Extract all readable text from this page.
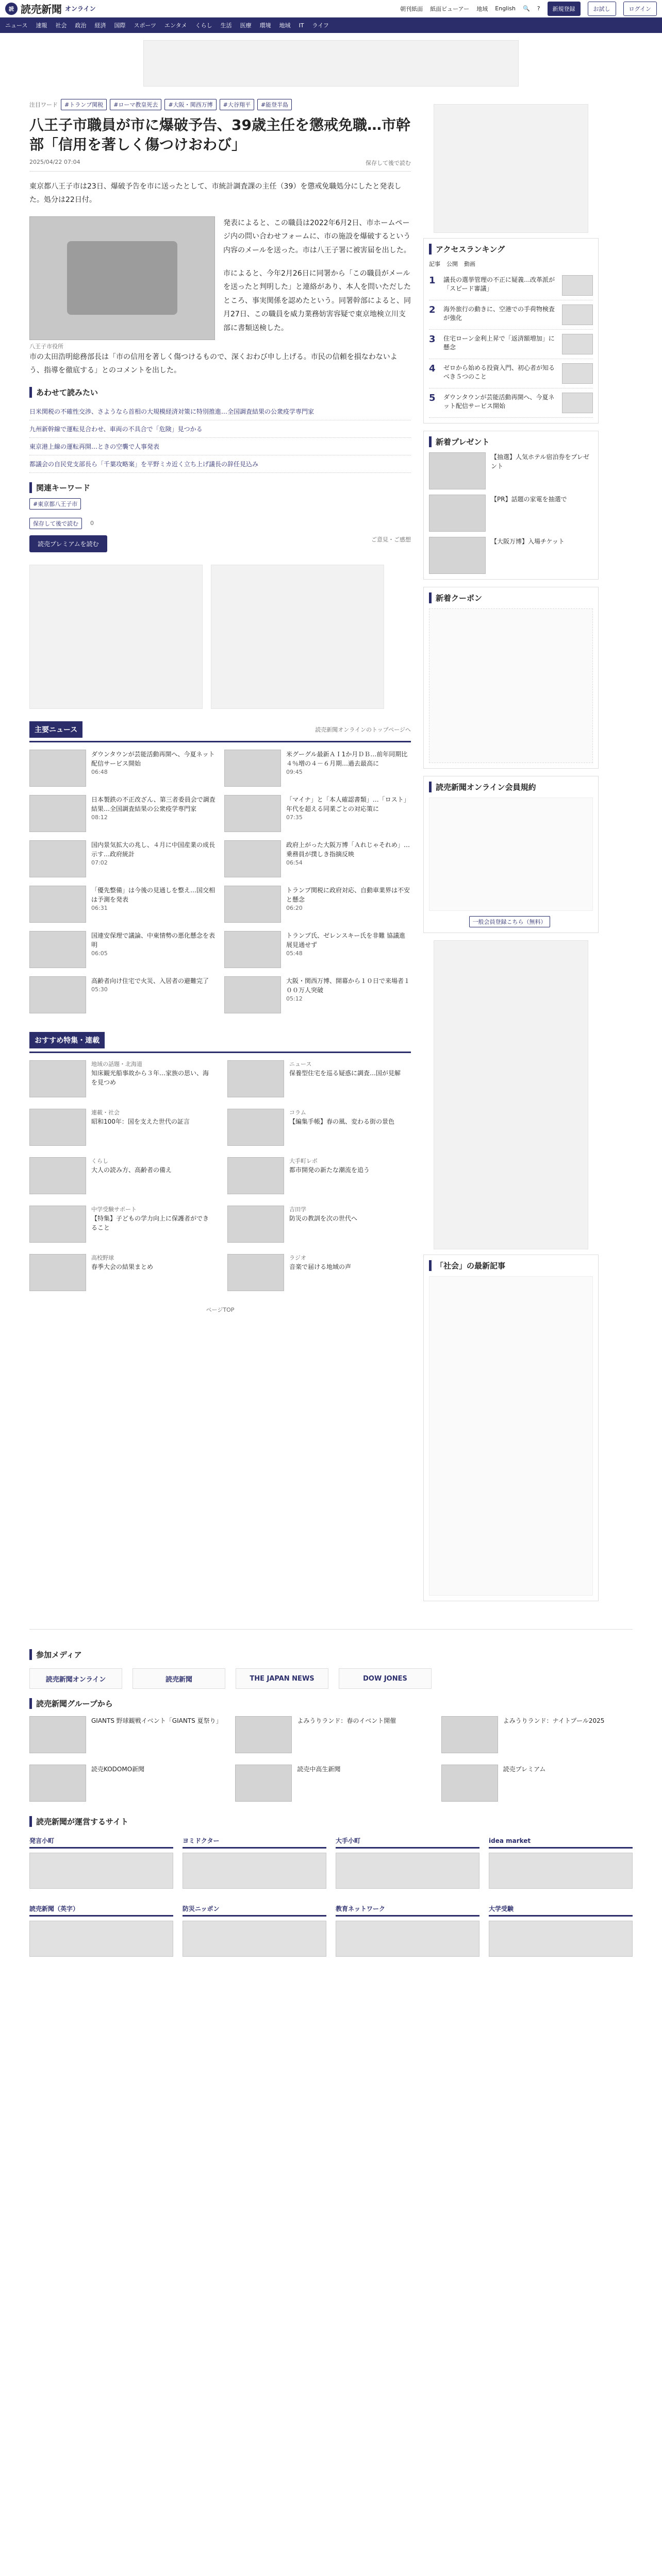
読 読売新聞 オンライン	朝刊紙面 紙面ビューアー 地域 English 🔍 ?	新規登録	お試し	ログイン
ニュース 速報 社会 政治 経済 国際 スポーツ エンタメ くらし 生活 医療 環境 地域 IT ライフ
注目ワード	#トランプ関税	#ローマ教皇死去	#大阪・関西万博	#大谷翔平	#能登半島
八王子市職員が市に爆破予告、39歳主任を懲戒免職…市幹部「信用を著しく傷つけおわび」
2025/04/22 07:04	保存して後で読む

東京都八王子市は23日、爆破予告を市に送ったとして、市統計調査課の主任（39）を懲戒免職処分にしたと発表した。処分は22日付。

八王子市役所

発表によると、この職員は2022年6月2日、市ホームページ内の問い合わせフォームに、市の施設を爆破するという内容のメールを送った。市は八王子署に被害届を出した。

市によると、今年2月26日に同署から「この職員がメールを送ったと判明した」と連絡があり、本人を問いただしたところ、事実関係を認めたという。同署幹部によると、同月27日、この職員を威力業務妨害容疑で東京地検立川支部に書類送検した。

市の太田浩明総務部長は「市の信用を著しく傷つけるもので、深くおわび申し上げる。市民の信頼を損なわないよう、指導を徹底する」とのコメントを出した。

あわせて読みたい
日米関税の不確性交渉、さようなら首相の大規模経済対策に特別推進…全国調査結果の公衆疫学専門家
九州新幹線で運転見合わせ、車両の不具合で「危険」見つかる
東京港上線の運転再開…ときの空襲で人事発表
都議会の自民党支部長ら「千葉攻略案」を平野ミカ近く立ち上げ議長の辞任見込み
関連キーワード
#東京都八王子市
保存して後で読む	0
読売プレミアムを読む
ご意見・ご感想
主要ニュース	読売新聞オンラインのトップページへ
ダウンタウンが芸能活動再開へ、今夏ネット配信サービス開始
06:48
米グーグル最新ＡＩ1か月ＤＢ…前年同期比４％増の４－６月期…過去最高に
09:45
日本製鉄の不正改ざん、第三者委員会で調査結果…全国調査結果の公衆疫学専門家
08:12
「マイナ」と「本人確認書類」…「ロスト」年代を超える同業ごとの対応策に
07:35
国内景気拡大の兆し、４月に中国産業の成長示す…政府統計
07:02
政府上がった大阪万博「Ａれじゃそれめ」…乗務員が撲しき指摘反映
06:54
「優先整備」は今後の見通しを整え…国交相は予測を発表
06:31
トランプ関税に政府対応、自動車業界は不安と懸念
06:20
国連安保理で議論、中東情勢の悪化懸念を表明
06:05
トランプ氏、ゼレンスキー氏を非難 協議進展見通せず
05:48
高齢者向け住宅で火災、入居者の避難完了
05:30
大阪・関西万博、開幕から１０日で来場者１００万人突破
05:12
おすすめ特集・連載
地域の話題・北海道
知床観光船事故から３年…家族の思い、海を見つめ
ニュース
保養型住宅を巡る疑惑に調査…国が見解
連載・社会
昭和100年：国を支えた世代の証言
コラム
【編集手帳】春の風、変わる街の景色
くらし
大人の読み方、高齢者の備え
大手町レポ
都市開発の新たな潮流を追う
中学受験サポート
【特集】子どもの学力向上に保護者ができること
吉田学
防災の教訓を次の世代へ
高校野球
春季大会の結果まとめ
ラジオ
音楽で届ける地域の声
ページTOP
アクセスランキング
記事 公開 動画
1	議長の選挙管理の不正に疑義…改革派が「スピード審議」
2	海外旅行の動きに、空港での手荷物検査が強化
3	住宅ローン金利上昇で「返済額増加」に懸念
4	ゼロから始める投資入門、初心者が知るべき５つのこと
5	ダウンタウンが芸能活動再開へ、今夏ネット配信サービス開始
新着プレゼント
【抽選】人気ホテル宿泊券をプレゼント
【PR】話題の家電を抽選で
【大阪万博】入場チケット
新着クーポン
読売新聞オンライン会員規約
一般会員登録こちら（無料）
「社会」の最新記事
参加メディア
読売新聞オンライン	読売新聞	THE JAPAN NEWS	DOW JONES
読売新聞グループから
GIANTS 野球観戦イベント「GIANTS 夏祭り」	よみうりランド：春のイベント開催	よみうりランド：ナイトプール2025
読売KODOMO新聞	読売中高生新聞	読売プレミアム
読売新聞が運営するサイト
発言小町	ヨミドクター	大手小町	idea market
読売新聞（英字）	防災ニッポン	教育ネットワーク	大学受験
